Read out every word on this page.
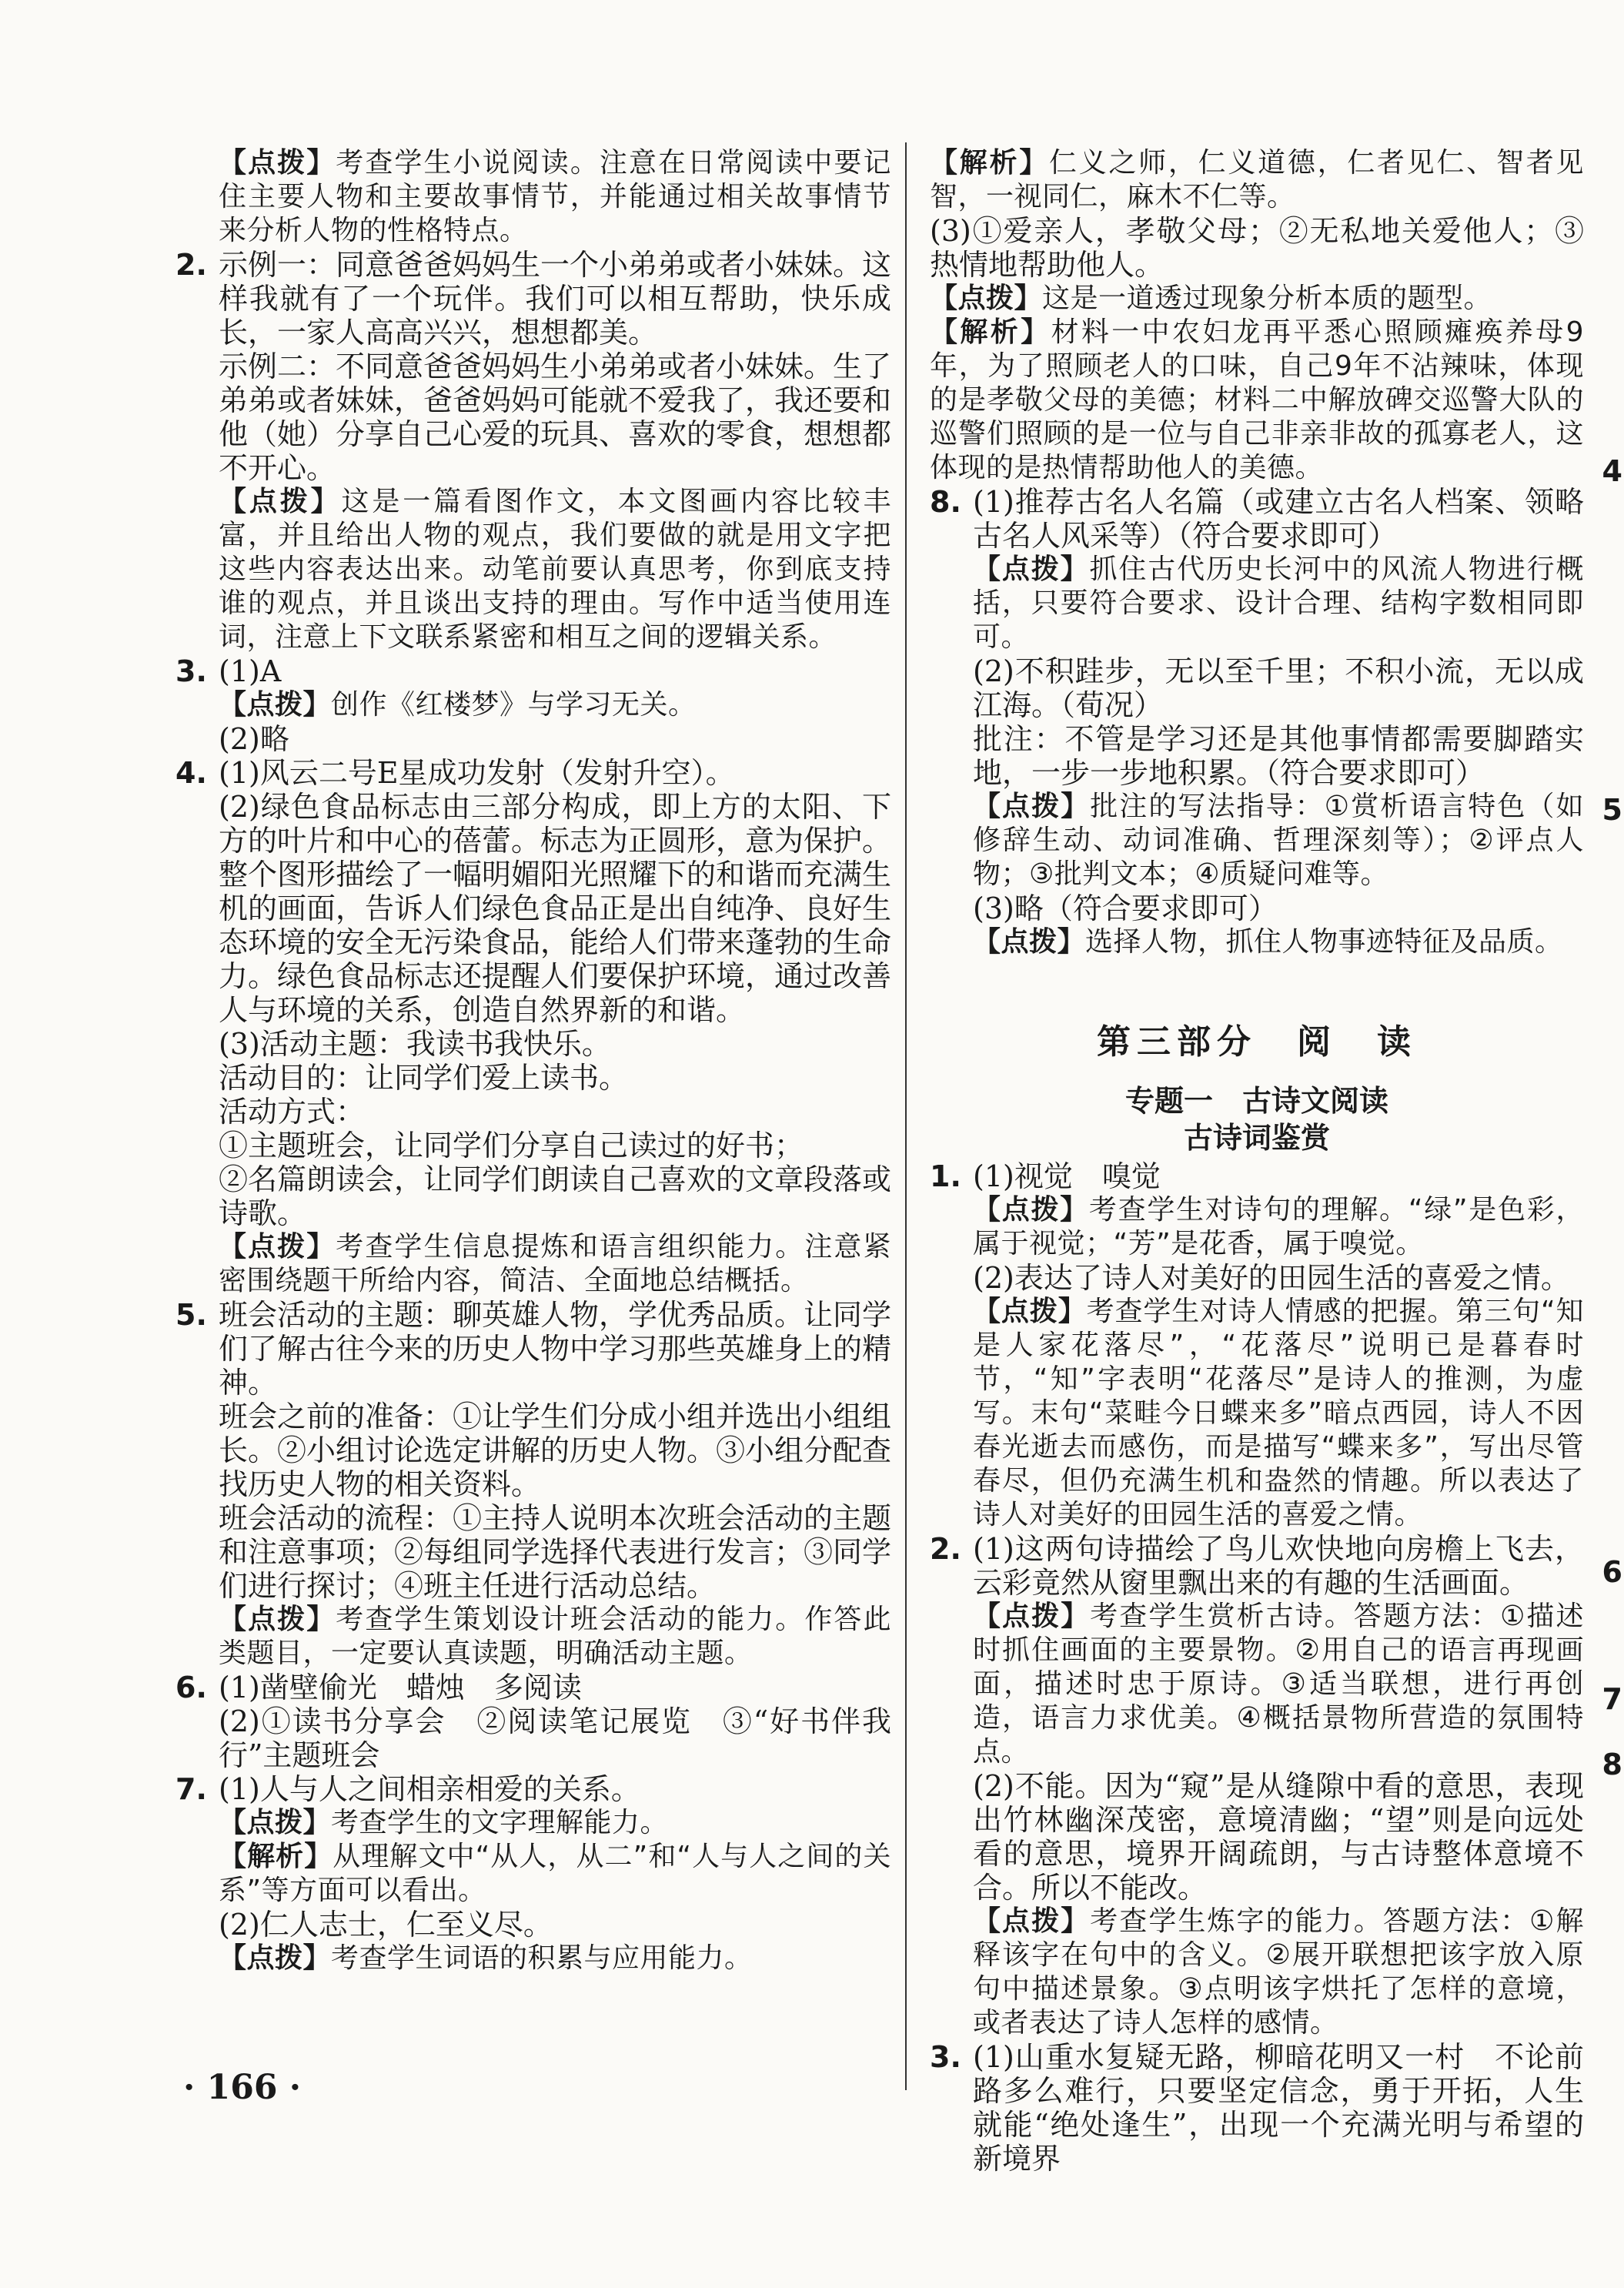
【点拨】考查学生小说阅读。注意在日常阅读中要记住主要人物和主要故事情节，并能通过相关故事情节来分析人物的性格特点。

2. 示例一：同意爸爸妈妈生一个小弟弟或者小妹妹。这样我就有了一个玩伴。我们可以相互帮助，快乐成长，一家人高高兴兴，想想都美。

示例二：不同意爸爸妈妈生小弟弟或者小妹妹。生了弟弟或者妹妹，爸爸妈妈可能就不爱我了，我还要和他（她）分享自己心爱的玩具、喜欢的零食，想想都不开心。

【点拨】这是一篇看图作文，本文图画内容比较丰富，并且给出人物的观点，我们要做的就是用文字把这些内容表达出来。动笔前要认真思考，你到底支持谁的观点，并且谈出支持的理由。写作中适当使用连词，注意上下文联系紧密和相互之间的逻辑关系。

3. (1)A

【点拨】创作《红楼梦》与学习无关。

(2)略

4. (1)风云二号E星成功发射（发射升空）。

(2)绿色食品标志由三部分构成，即上方的太阳、下方的叶片和中心的蓓蕾。标志为正圆形，意为保护。整个图形描绘了一幅明媚阳光照耀下的和谐而充满生机的画面，告诉人们绿色食品正是出自纯净、良好生态环境的安全无污染食品，能给人们带来蓬勃的生命力。绿色食品标志还提醒人们要保护环境，通过改善人与环境的关系，创造自然界新的和谐。

(3)活动主题：我读书我快乐。

活动目的：让同学们爱上读书。

活动方式：

①主题班会，让同学们分享自己读过的好书；

②名篇朗读会，让同学们朗读自己喜欢的文章段落或诗歌。

【点拨】考查学生信息提炼和语言组织能力。注意紧密围绕题干所给内容，简洁、全面地总结概括。

5. 班会活动的主题：聊英雄人物，学优秀品质。让同学们了解古往今来的历史人物中学习那些英雄身上的精神。

班会之前的准备：①让学生们分成小组并选出小组组长。②小组讨论选定讲解的历史人物。③小组分配查找历史人物的相关资料。

班会活动的流程：①主持人说明本次班会活动的主题和注意事项；②每组同学选择代表进行发言；③同学们进行探讨；④班主任进行活动总结。

【点拨】考查学生策划设计班会活动的能力。作答此类题目，一定要认真读题，明确活动主题。

6. (1)凿壁偷光　蜡烛　多阅读

(2)①读书分享会　②阅读笔记展览　③“好书伴我行”主题班会

7. (1)人与人之间相亲相爱的关系。

【点拨】考查学生的文字理解能力。

【解析】从理解文中“从人，从二”和“人与人之间的关系”等方面可以看出。

(2)仁人志士，仁至义尽。

【点拨】考查学生词语的积累与应用能力。

【解析】仁义之师，仁义道德，仁者见仁、智者见智，一视同仁，麻木不仁等。

(3)①爱亲人，孝敬父母；②无私地关爱他人；③热情地帮助他人。

【点拨】这是一道透过现象分析本质的题型。

【解析】材料一中农妇龙再平悉心照顾瘫痪养母9年，为了照顾老人的口味，自己9年不沾辣味，体现的是孝敬父母的美德；材料二中解放碑交巡警大队的巡警们照顾的是一位与自己非亲非故的孤寡老人，这体现的是热情帮助他人的美德。

8. (1)推荐古名人名篇（或建立古名人档案、领略古名人风采等）（符合要求即可）

【点拨】抓住古代历史长河中的风流人物进行概括，只要符合要求、设计合理、结构字数相同即可。

(2)不积跬步，无以至千里；不积小流，无以成江海。（荀况）

批注：不管是学习还是其他事情都需要脚踏实地，一步一步地积累。（符合要求即可）

【点拨】批注的写法指导：①赏析语言特色（如修辞生动、动词准确、哲理深刻等）；②评点人物；③批判文本；④质疑问难等。

(3)略（符合要求即可）

【点拨】选择人物，抓住人物事迹特征及品质。

第三部分　阅　读
专题一　古诗文阅读
古诗词鉴赏
1. (1)视觉　嗅觉

【点拨】考查学生对诗句的理解。“绿”是色彩，属于视觉；“芳”是花香，属于嗅觉。

(2)表达了诗人对美好的田园生活的喜爱之情。

【点拨】考查学生对诗人情感的把握。第三句“知是人家花落尽”，“花落尽”说明已是暮春时节，“知”字表明“花落尽”是诗人的推测，为虚写。末句“菜畦今日蝶来多”暗点西园，诗人不因春光逝去而感伤，而是描写“蝶来多”，写出尽管春尽，但仍充满生机和盎然的情趣。所以表达了诗人对美好的田园生活的喜爱之情。

2. (1)这两句诗描绘了鸟儿欢快地向房檐上飞去，云彩竟然从窗里飘出来的有趣的生活画面。

【点拨】考查学生赏析古诗。答题方法：①描述时抓住画面的主要景物。②用自己的语言再现画面，描述时忠于原诗。③适当联想，进行再创造，语言力求优美。④概括景物所营造的氛围特点。

(2)不能。因为“窥”是从缝隙中看的意思，表现出竹林幽深茂密，意境清幽；“望”则是向远处看的意思，境界开阔疏朗，与古诗整体意境不合。所以不能改。

【点拨】考查学生炼字的能力。答题方法：①解释该字在句中的含义。②展开联想把该字放入原句中描述景象。③点明该字烘托了怎样的意境，或者表达了诗人怎样的感情。

3. (1)山重水复疑无路，柳暗花明又一村　不论前路多么难行，只要坚定信念，勇于开拓，人生就能“绝处逢生”，出现一个充满光明与希望的新境界

· 166 ·
4
5
6
7
8
